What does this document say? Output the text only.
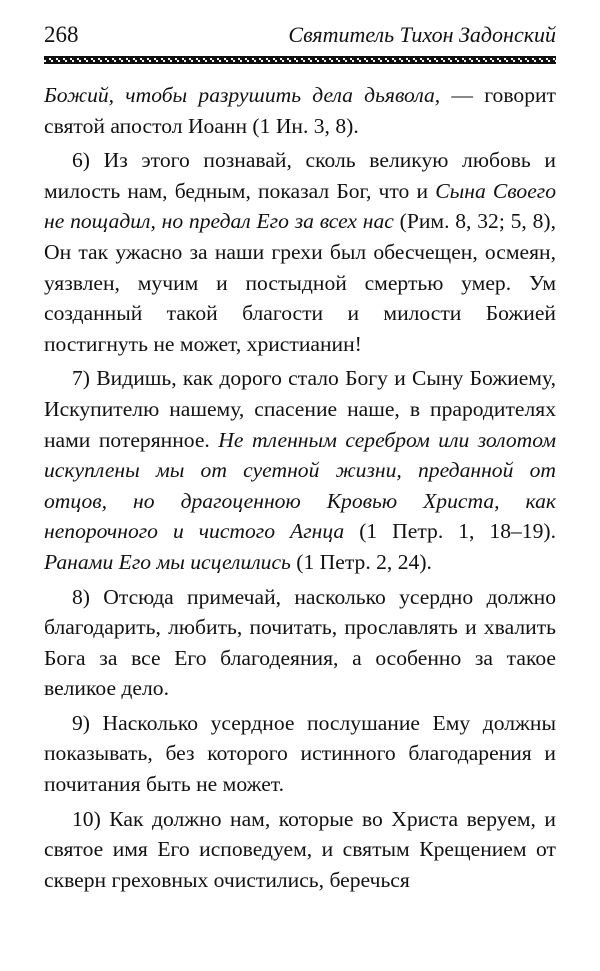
268	Святитель Тихон Задонский

Божий, чтобы разрушить дела дьявола, — говорит святой апостол Иоанн (1 Ин. 3, 8).

6) Из этого познавай, сколь великую любовь и милость нам, бедным, показал Бог, что и Сына Своего не пощадил, но предал Его за всех нас (Рим. 8, 32; 5, 8), Он так ужасно за наши грехи был обесчещен, осмеян, уязвлен, мучим и постыдной смертью умер. Ум созданный такой благости и милости Божией постигнуть не может, христианин!

7) Видишь, как дорого стало Богу и Сыну Божиему, Искупителю нашему, спасение наше, в прародителях нами потерянное. Не тленным серебром или золотом искуплены мы от суетной жизни, преданной от отцов, но драгоценною Кровью Христа, как непорочного и чистого Агнца (1 Петр. 1, 18–19). Ранами Его мы исцелились (1 Петр. 2, 24).

8) Отсюда примечай, насколько усердно должно благодарить, любить, почитать, прославлять и хвалить Бога за все Его благодеяния, а особенно за такое великое дело.

9) Насколько усердное послушание Ему должны показывать, без которого истинного благодарения и почитания быть не может.

10) Как должно нам, которые во Христа веруем, и святое имя Его исповедуем, и святым Крещением от скверн греховных очистились, беречься
